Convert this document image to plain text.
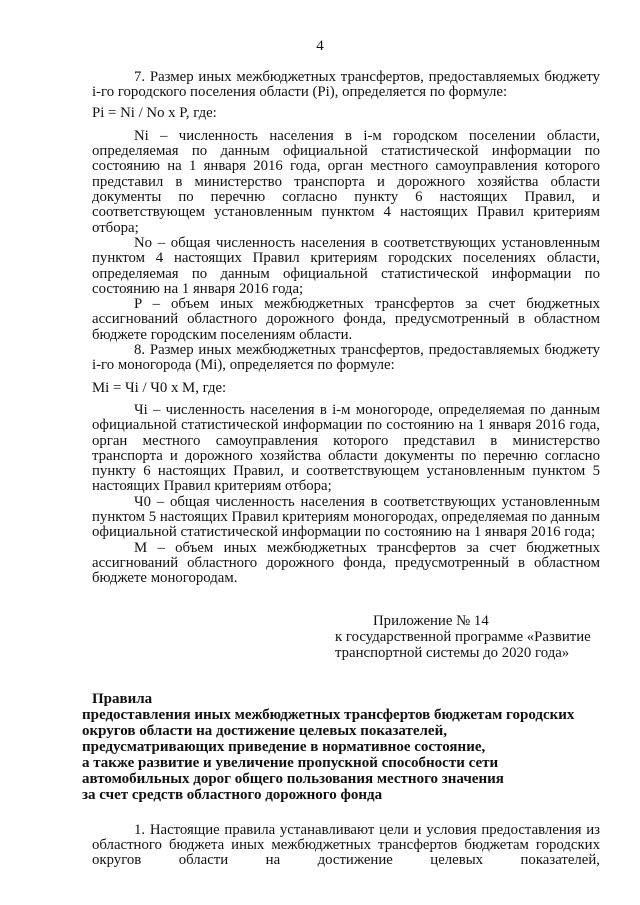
4

7. Размер иных межбюджетных трансфертов, предоставляемых бюджету i-го городского поселения области (Pi), определяется по формуле:

Pi = Ni / No x P, где:

Ni – численность населения в i-м городском поселении области, определяемая по данным официальной статистической информации по состоянию на 1 января 2016 года, орган местного самоуправления которого представил в министерство транспорта и дорожного хозяйства области документы по перечню согласно пункту 6 настоящих Правил, и соответствующем установленным пунктом 4 настоящих Правил критериям отбора;

No – общая численность населения в соответствующих установленным пунктом 4 настоящих Правил критериям городских поселениях области, определяемая по данным официальной статистической информации по состоянию на 1 января 2016 года;

P – объем иных межбюджетных трансфертов за счет бюджетных ассигнований областного дорожного фонда, предусмотренный в областном бюджете городским поселениям области.

8. Размер иных межбюджетных трансфертов, предоставляемых бюджету i-го моногорода (Mi), определяется по формуле:

Mi = Чi / Ч0 x M, где:

Чi – численность населения в i-м моногороде, определяемая по данным официальной статистической информации по состоянию на 1 января 2016 года, орган местного самоуправления которого представил в министерство транспорта и дорожного хозяйства области документы по перечню согласно пункту 6 настоящих Правил, и соответствующем установленным пунктом 5 настоящих Правил критериям отбора;

Ч0 – общая численность населения в соответствующих установленным пунктом 5 настоящих Правил критериям моногородах, определяемая по данным официальной статистической информации по состоянию на 1 января 2016 года;

M – объем иных межбюджетных трансфертов за счет бюджетных ассигнований областного дорожного фонда, предусмотренный в областном бюджете моногородам.

Приложение № 14
к государственной программе «Развитие
транспортной системы до 2020 года»

Правила

предоставления иных межбюджетных трансфертов бюджетам городских
округов области на достижение целевых показателей,
предусматривающих приведение в нормативное состояние,
а также развитие и увеличение пропускной способности сети
автомобильных дорог общего пользования местного значения
за счет средств областного дорожного фонда

1. Настоящие правила устанавливают цели и условия предоставления из областного бюджета иных межбюджетных трансфертов бюджетам городских округов области на достижение целевых показателей,
